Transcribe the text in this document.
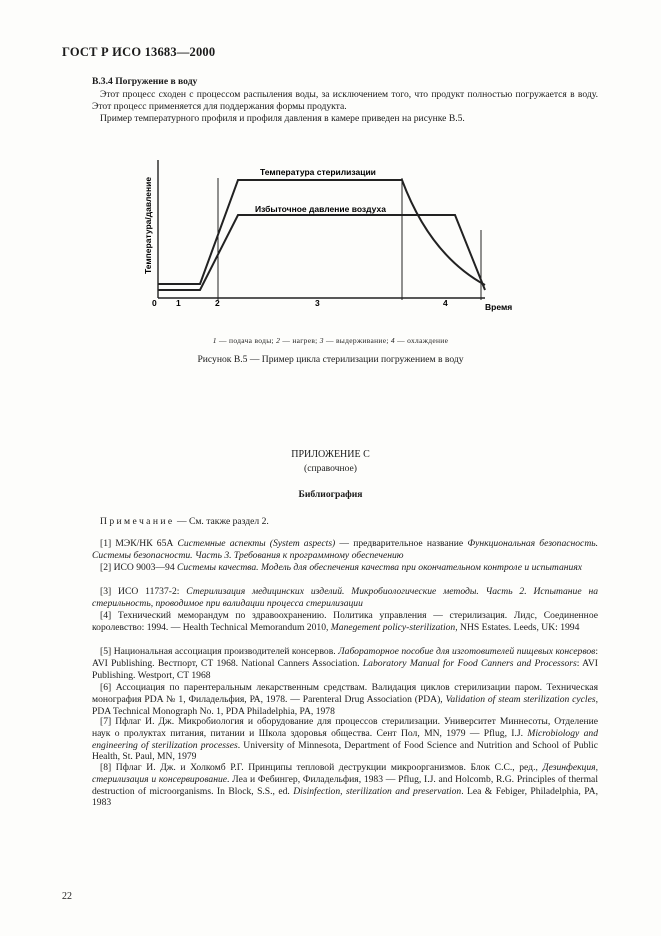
ГОСТ Р ИСО 13683—2000

В.3.4 Погружение в воду

Этот процесс сходен с процессом распыления воды, за исключением того, что продукт полностью погружается в воду. Этот процесс применяется для поддержания формы продукта.

Пример температурного профиля и профиля давления в камере приведен на рисунке В.5.

Температура стерилизации
Избыточное давление воздуха
Температура/давление
0 1	2	3	4	Время
1 — подача воды; 2 — нагрев; 3 — выдерживание; 4 — охлаждение
Рисунок В.5 — Пример цикла стерилизации погружением в воду
ПРИЛОЖЕНИЕ С
(справочное)
Библиография

Примечание — См. также раздел 2.

[1] МЭК/НК 65А Системные аспекты (System aspects) — предварительное название Функциональная безопасность. Системы безопасности. Часть 3. Требования к программному обеспечению

[2] ИСО 9003—94 Системы качества. Модель для обеспечения качества при окончательном контроле и испытаниях

[3] ИСО 11737-2: Стерилизация медицинских изделий. Микробиологические методы. Часть 2. Испытание на стерильность, проводимое при валидации процесса стерилизации

[4] Технический меморандум по здравоохранению. Политика управления — стерилизация. Лидс, Соединенное королевство: 1994. — Health Technical Memorandum 2010, Manegement policy-sterilization, NHS Estates. Leeds, UK: 1994

[5] Национальная ассоциация производителей консервов. Лабораторное пособие для изготовителей пищевых консервов: AVI Publishing. Вестпорт, СТ 1968. National Canners Association. Laboratory Manual for Food Canners and Processors: AVI Publishing. Westport, CT 1968

[6] Ассоциация по парентеральным лекарственным средствам. Валидация циклов стерилизации паром. Техническая монография PDA № 1, Филадельфия, РА, 1978. — Parenteral Drug Association (PDA), Validation of steam sterilization cycles, PDA Technical Monograph No. 1, PDA Philadelphia, PA, 1978

[7] Пфлаг И. Дж. Микробиология и оборудование для процессов стерилизации. Университет Миннесоты, Отделение наук о пролуктах питания, питании и Школа здоровья общества. Сент Пол, MN, 1979 — Pflug, I.J. Microbiology and engineering of sterilization processes. University of Minnesota, Department of Food Science and Nutrition and School of Public Health, St. Paul, MN, 1979

[8] Пфлаг И. Дж. и Холкомб Р.Г. Принципы тепловой деструкции микроорганизмов. Блок С.С., ред., Дезинфекция, стерилизация и консервирование. Леа и Фебингер, Филадельфия, 1983 — Pflug, I.J. and Holcomb, R.G. Principles of thermal destruction of microorganisms. In Block, S.S., ed. Disinfection, sterilization and preservation. Lea & Febiger, Philadelphia, PA, 1983

22
